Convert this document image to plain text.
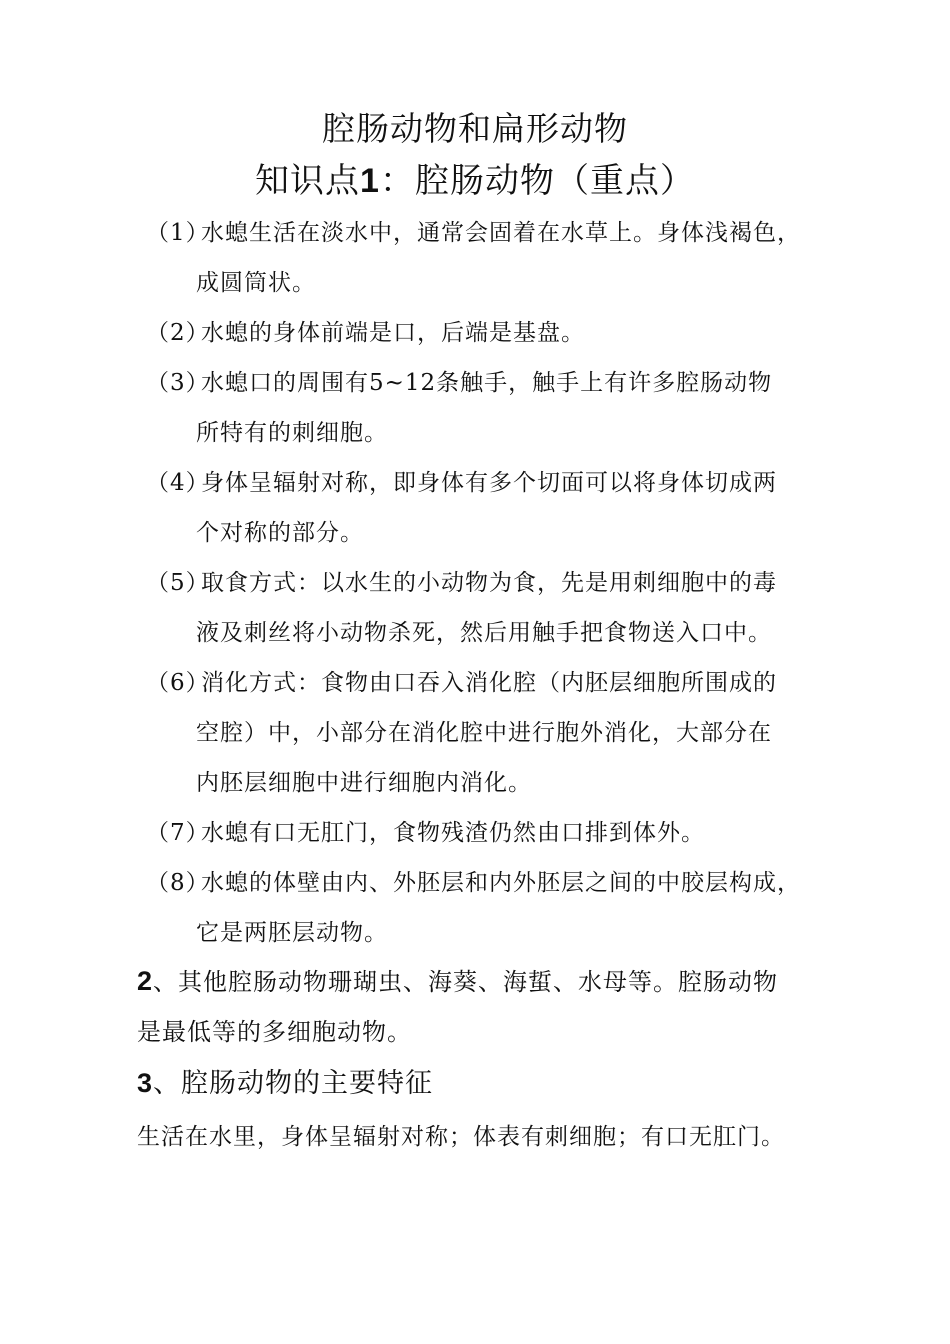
腔肠动物和扁形动物
知识点1：腔肠动物（重点）
（1）水螅生活在淡水中，通常会固着在水草上。身体浅褐色，
成圆筒状。
（2）水螅的身体前端是口，后端是基盘。
（3）水螅口的周围有5~12条触手，触手上有许多腔肠动物
所特有的刺细胞。
（4）身体呈辐射对称，即身体有多个切面可以将身体切成两
个对称的部分。
（5）取食方式：以水生的小动物为食，先是用刺细胞中的毒
液及刺丝将小动物杀死，然后用触手把食物送入口中。
（6）消化方式：食物由口吞入消化腔（内胚层细胞所围成的
空腔）中，小部分在消化腔中进行胞外消化，大部分在
内胚层细胞中进行细胞内消化。
（7）水螅有口无肛门，食物残渣仍然由口排到体外。
（8）水螅的体壁由内、外胚层和内外胚层之间的中胶层构成，
它是两胚层动物。
2、其他腔肠动物珊瑚虫、海葵、海蜇、水母等。腔肠动物
是最低等的多细胞动物。
3、腔肠动物的主要特征
生活在水里，身体呈辐射对称；体表有刺细胞；有口无肛门。
